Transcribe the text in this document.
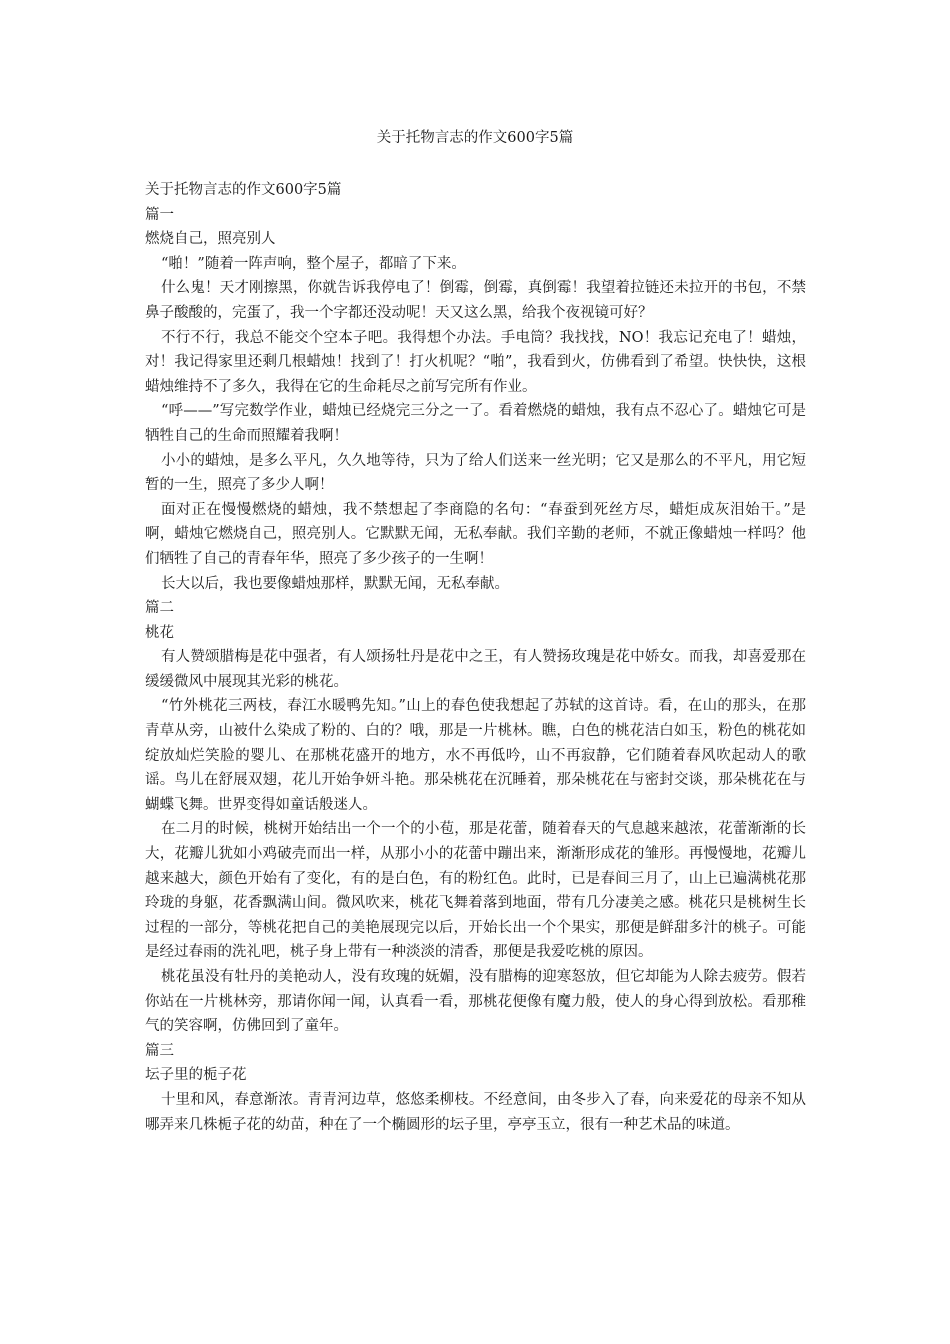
关于托物言志的作文600字5篇

关于托物言志的作文600字5篇

篇一

燃烧自己，照亮别人

“啪！”随着一阵声响，整个屋子，都暗了下来。

什么鬼！天才刚擦黑，你就告诉我停电了！倒霉，倒霉，真倒霉！我望着拉链还未拉开的书包，不禁鼻子酸酸的，完蛋了，我一个字都还没动呢！天又这么黑，给我个夜视镜可好？

不行不行，我总不能交个空本子吧。我得想个办法。手电筒？我找找，NO！我忘记充电了！蜡烛，对！我记得家里还剩几根蜡烛！找到了！打火机呢？“啪”，我看到火，仿佛看到了希望。快快快，这根蜡烛维持不了多久，我得在它的生命耗尽之前写完所有作业。

“呼——”写完数学作业，蜡烛已经烧完三分之一了。看着燃烧的蜡烛，我有点不忍心了。蜡烛它可是牺牲自己的生命而照耀着我啊！

小小的蜡烛，是多么平凡，久久地等待，只为了给人们送来一丝光明；它又是那么的不平凡，用它短暂的一生，照亮了多少人啊！

面对正在慢慢燃烧的蜡烛，我不禁想起了李商隐的名句：“春蚕到死丝方尽，蜡炬成灰泪始干。”是啊，蜡烛它燃烧自己，照亮别人。它默默无闻，无私奉献。我们辛勤的老师，不就正像蜡烛一样吗？他们牺牲了自己的青春年华，照亮了多少孩子的一生啊！

长大以后，我也要像蜡烛那样，默默无闻，无私奉献。

篇二

桃花

有人赞颂腊梅是花中强者，有人颂扬牡丹是花中之王，有人赞扬玫瑰是花中娇女。而我，却喜爱那在缓缓微风中展现其光彩的桃花。

“竹外桃花三两枝，春江水暖鸭先知。”山上的春色使我想起了苏轼的这首诗。看，在山的那头，在那青草从旁，山被什么染成了粉的、白的？哦，那是一片桃林。瞧，白色的桃花洁白如玉，粉色的桃花如绽放灿烂笑脸的婴儿、在那桃花盛开的地方，水不再低吟，山不再寂静，它们随着春风吹起动人的歌谣。鸟儿在舒展双翅，花儿开始争妍斗艳。那朵桃花在沉睡着，那朵桃花在与密封交谈，那朵桃花在与蝴蝶飞舞。世界变得如童话般迷人。

在二月的时候，桃树开始结出一个一个的小苞，那是花蕾，随着春天的气息越来越浓，花蕾渐渐的长大，花瓣儿犹如小鸡破壳而出一样，从那小小的花蕾中蹦出来，渐渐形成花的雏形。再慢慢地，花瓣儿越来越大，颜色开始有了变化，有的是白色，有的粉红色。此时，已是春间三月了，山上已遍满桃花那玲珑的身躯，花香飘满山间。微风吹来，桃花飞舞着落到地面，带有几分凄美之感。桃花只是桃树生长过程的一部分，等桃花把自己的美艳展现完以后，开始长出一个个果实，那便是鲜甜多汁的桃子。可能是经过春雨的洗礼吧，桃子身上带有一种淡淡的清香，那便是我爱吃桃的原因。

桃花虽没有牡丹的美艳动人，没有玫瑰的妩媚，没有腊梅的迎寒怒放，但它却能为人除去疲劳。假若你站在一片桃林旁，那请你闻一闻，认真看一看，那桃花便像有魔力般，使人的身心得到放松。看那稚气的笑容啊，仿佛回到了童年。

篇三

坛子里的栀子花

十里和风，春意渐浓。青青河边草，悠悠柔柳枝。不经意间，由冬步入了春，向来爱花的母亲不知从哪弄来几株栀子花的幼苗，种在了一个椭圆形的坛子里，亭亭玉立，很有一种艺术品的味道。
